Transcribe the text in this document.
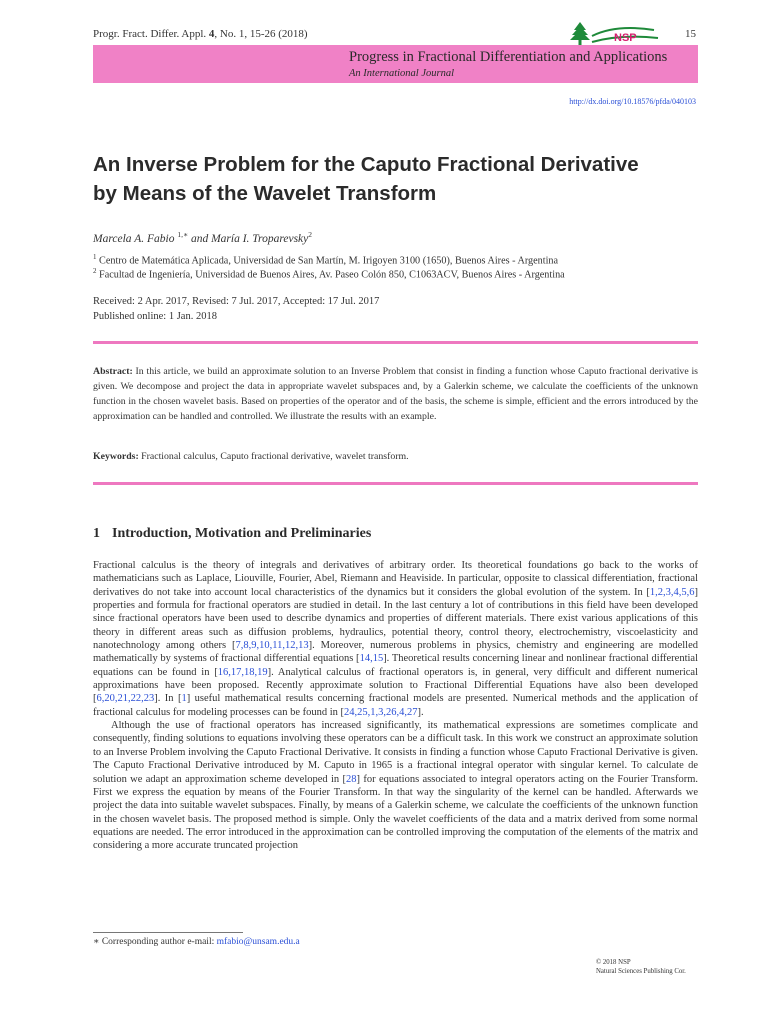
Progr. Fract. Differ. Appl. 4, No. 1, 15-26 (2018)	15
NSP
Progress in Fractional Differentiation and Applications
An International Journal
http://dx.doi.org/10.18576/pfda/040103
An Inverse Problem for the Caputo Fractional Derivative
by Means of the Wavelet Transform
Marcela A. Fabio $^{1,∗}$ and María I. Troparevsky$^2$
$^1$ Centro de Matemática Aplicada, Universidad de San Martín, M. Irigoyen 3100 (1650), Buenos Aires - Argentina
$^2$ Facultad de Ingeniería, Universidad de Buenos Aires, Av. Paseo Colón 850, C1063ACV, Buenos Aires - Argentina
Received: 2 Apr. 2017, Revised: 7 Jul. 2017, Accepted: 17 Jul. 2017
Published online: 1 Jan. 2018
Abstract: In this article, we build an approximate solution to an Inverse Problem that consist in finding a function whose Caputo fractional derivative is given. We decompose and project the data in appropriate wavelet subspaces and, by a Galerkin scheme, we calculate the coefficients of the unknown function in the chosen wavelet basis. Based on properties of the operator and of the basis, the scheme is simple, efficient and the errors introduced by the approximation can be handled and controlled. We illustrate the results with an example.
Keywords: Fractional calculus, Caputo fractional derivative, wavelet transform.
1 Introduction, Motivation and Preliminaries

Fractional calculus is the theory of integrals and derivatives of arbitrary order. Its theoretical foundations go back to the works of mathematicians such as Laplace, Liouville, Fourier, Abel, Riemann and Heaviside. In particular, opposite to classical differentiation, fractional derivatives do not take into account local characteristics of the dynamics but it considers the global evolution of the system. In [1,2,3,4,5,6] properties and formula for fractional operators are studied in detail. In the last century a lot of contributions in this field have been developed since fractional operators have been used to describe dynamics and properties of different materials. There exist various applications of this theory in different areas such as diffusion problems, hydraulics, potential theory, control theory, electrochemistry, viscoelasticity and nanotechnology among others [7,8,9,10,11,12,13]. Moreover, numerous problems in physics, chemistry and engineering are modelled mathematically by systems of fractional differential equations [14,15]. Theoretical results concerning linear and nonlinear fractional differential equations can be found in [16,17,18,19]. Analytical calculus of fractional operators is, in general, very difficult and different numerical approximations have been proposed. Recently approximate solution to Fractional Differential Equations have also been developed [6,20,21,22,23]. In [1] useful mathematical results concerning fractional models are presented. Numerical methods and the application of fractional calculus for modeling processes can be found in [24,25,1,3,26,4,27].

Although the use of fractional operators has increased significantly, its mathematical expressions are sometimes complicate and consequently, finding solutions to equations involving these operators can be a difficult task. In this work we construct an approximate solution to an Inverse Problem involving the Caputo Fractional Derivative. It consists in finding a function whose Caputo Fractional Derivative is given. The Caputo Fractional Derivative introduced by M. Caputo in 1965 is a fractional integral operator with singular kernel. To calculate de solution we adapt an approximation scheme developed in [28] for equations associated to integral operators acting on the Fourier Transform. First we express the equation by means of the Fourier Transform. In that way the singularity of the kernel can be handled. Afterwards we project the data into suitable wavelet subspaces. Finally, by means of a Galerkin scheme, we calculate the coefficients of the unknown function in the chosen wavelet basis. The proposed method is simple. Only the wavelet coefficients of the data and a matrix derived from some normal equations are needed. The error introduced in the approximation can be controlled improving the computation of the elements of the matrix and considering a more accurate truncated projection

∗ Corresponding author e-mail: mfabio@unsam.edu.a
© 2018 NSP
Natural Sciences Publishing Cor.
